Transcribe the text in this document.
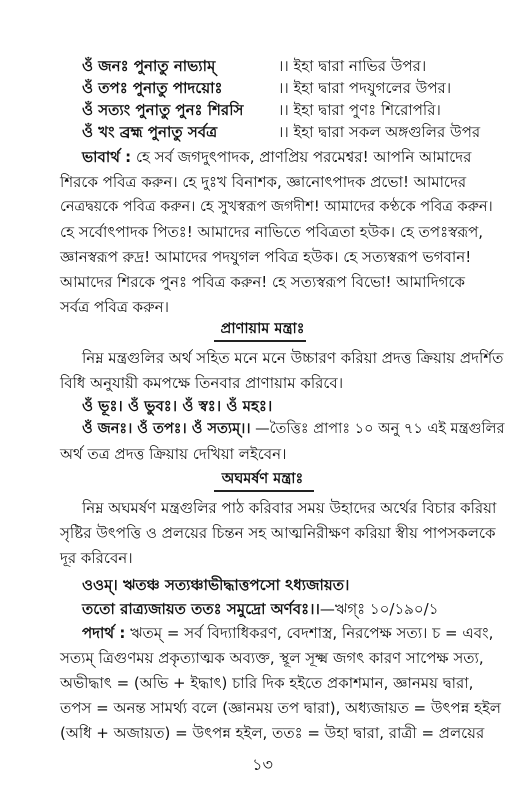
ওঁ জনঃ পুনাতু নাভ্যাম্	।। ইহা দ্বারা নাভির উপর।
ওঁ তপঃ পুনাতু পাদয়োঃ	।। ইহা দ্বারা পদযুগলের উপর।
ওঁ সত্যং পুনাতু পুনঃ শিরসি ।। ইহা দ্বারা পুণঃ শিরোপরি।
ওঁ খং ব্রহ্ম পুনাতু সর্বত্র	।। ইহা দ্বারা সকল অঙ্গগুলির উপর
ভাবার্থ : হে সর্ব জগদুৎপাদক, প্রাণপ্রিয় পরমেশ্বর! আপনি আমাদের
শিরকে পবিত্র করুন। হে দুঃখ বিনাশক, জ্ঞানোৎপাদক প্রভো! আমাদের
নেত্রদ্বয়কে পবিত্র করুন। হে সুখস্বরূপ জগদীশ! আমাদের কণ্ঠকে পবিত্র করুন।
হে সর্বোৎপাদক পিতঃ! আমাদের নাভিতে পবিত্রতা হউক। হে তপঃস্বরূপ,
জ্ঞানস্বরূপ রুদ্র! আমাদের পদযুগল পবিত্র হউক। হে সত্যস্বরূপ ভগবান!
আমাদের শিরকে পুনঃ পবিত্র করুন! হে সত্যস্বরূপ বিভো! আমাদিগকে
সর্বত্র পবিত্র করুন।
প্রাণায়াম মন্ত্রাঃ
নিম্ন মন্ত্রগুলির অর্থ সহিত মনে মনে উচ্চারণ করিয়া প্রদত্ত ক্রিয়ায় প্রদর্শিত
বিধি অনুযায়ী কমপক্ষে তিনবার প্রাণায়াম করিবে।
ওঁ ভূঃ। ওঁ ভুবঃ। ওঁ স্বঃ। ওঁ মহঃ।
ওঁ জনঃ। ওঁ তপঃ। ওঁ সত্যম্।। —তৈত্তিঃ প্রাপাঃ ১০ অনু ৭১ এই মন্ত্রগুলির
অর্থ তত্র প্রদত্ত ক্রিয়ায় দেখিয়া লইবেন।
অঘমর্ষণ মন্ত্রাঃ
নিম্ন অঘমর্ষণ মন্ত্রগুলির পাঠ করিবার সময় উহাদের অর্থের বিচার করিয়া
সৃষ্টির উৎপত্তি ও প্রলয়ের চিন্তন সহ আত্মনিরীক্ষণ করিয়া স্বীয় পাপসকলকে
দূর করিবেন।
ওওম্। ঋতঞ্চ সত্যঞ্চাভীদ্ধাত্তপসো ঽধ্যজায়ত।
ততো রাত্র্যজায়ত ততঃ সমুদ্রো অর্ণবঃ।।—ঋগ্ঃ ১০/১৯০/১
পদার্থ : ঋতম্ = সর্ব বিদ্যাধিকরণ, বেদশাস্ত্র, নিরপেক্ষ সত্য। চ = এবং,
সত্যম্ ত্রিগুণময় প্রকৃত্যাত্মক অব্যক্ত, স্থূল সূক্ষ্ম জগৎ কারণ সাপেক্ষ সত্য,
অভীদ্ধাৎ = (অভি + ইদ্ধাৎ) চারি দিক হইতে প্রকাশমান, জ্ঞানময় দ্বারা,
তপস = অনন্ত সামর্থ্য বলে (জ্ঞানময় তপ দ্বারা), অধ্যজায়ত = উৎপন্ন হইল
(অধি + অজায়ত) = উৎপন্ন হইল, ততঃ = উহা দ্বারা, রাত্রী = প্রলয়ের
১৩
